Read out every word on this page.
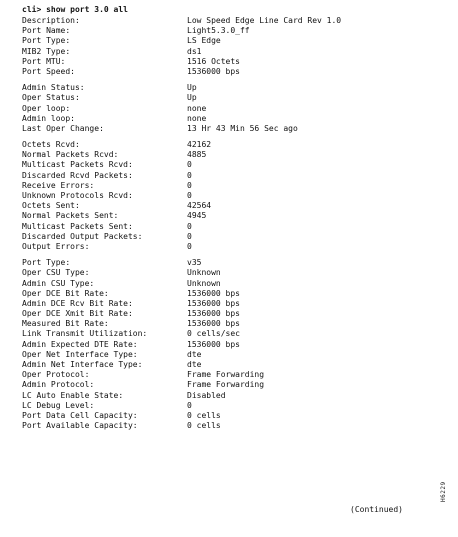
cli> show port 3.0 all
Description:	Low Speed Edge Line Card Rev 1.0
Port Name:	Light5.3.0_ff
Port Type:	LS Edge
MIB2 Type:	ds1
Port MTU:	1516 Octets
Port Speed:	1536000 bps
Admin Status:	Up
Oper Status:	Up
Oper loop:	none
Admin loop:	none
Last Oper Change:	13 Hr 43 Min 56 Sec ago
Octets Rcvd:	42162
Normal Packets Rcvd:	4885
Multicast Packets Rcvd:	0
Discarded Rcvd Packets:	0
Receive Errors:	0
Unknown Protocols Rcvd:	0
Octets Sent:	42564
Normal Packets Sent:	4945
Multicast Packets Sent:	0
Discarded Output Packets:	0
Output Errors:	0
Port Type:	v35
Oper CSU Type:	Unknown
Admin CSU Type:	Unknown
Oper DCE Bit Rate:	1536000 bps
Admin DCE Rcv Bit Rate:	1536000 bps
Oper DCE Xmit Bit Rate:	1536000 bps
Measured Bit Rate:	1536000 bps
Link Transmit Utilization:	0 cells/sec
Admin Expected DTE Rate:	1536000 bps
Oper Net Interface Type:	dte
Admin Net Interface Type:	dte
Oper Protocol:	Frame Forwarding
Admin Protocol:	Frame Forwarding
LC Auto Enable State:	Disabled
LC Debug Level:	0
Port Data Cell Capacity:	0 cells
Port Available Capacity:	0 cells
(Continued)
H6229
